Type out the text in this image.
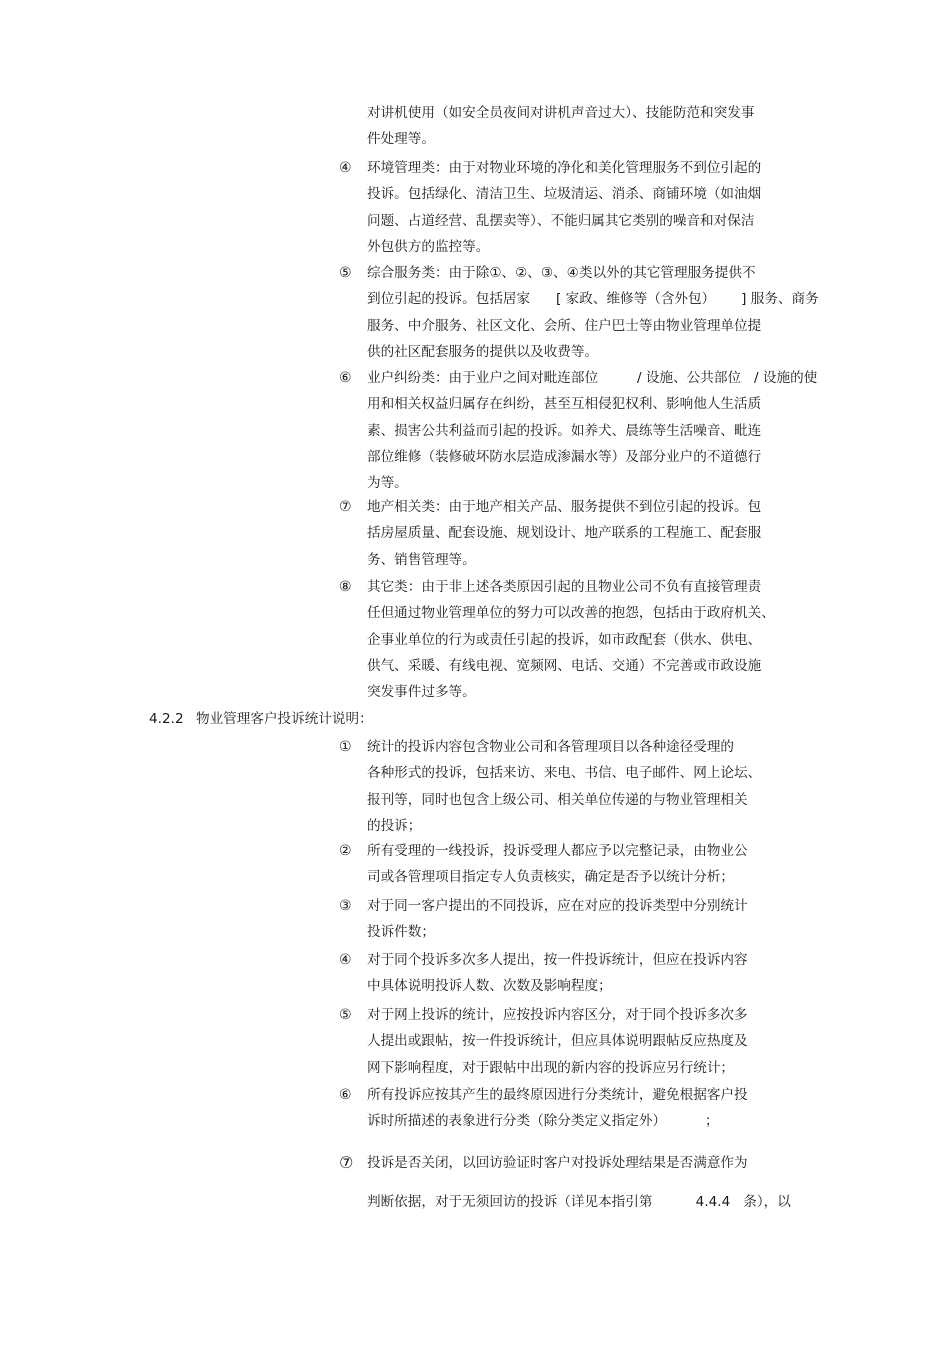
对讲机使用（如安全员夜间对讲机声音过大）、技能防范和突发事
件处理等。
④ 环境管理类：由于对物业环境的净化和美化管理服务不到位引起的
投诉。包括绿化、清洁卫生、垃圾清运、消杀、商铺环境（如油烟
问题、占道经营、乱摆卖等）、不能归属其它类别的噪音和对保洁
外包供方的监控等。
⑤ 综合服务类：由于除①、②、③、④类以外的其它管理服务提供不
到位引起的投诉。包括居家      [ 家政、维修等（含外包）      ] 服务、商务
服务、中介服务、社区文化、会所、住户巴士等由物业管理单位提
供的社区配套服务的提供以及收费等。
⑥ 业户纠纷类：由于业户之间对毗连部位         / 设施、公共部位   / 设施的使
用和相关权益归属存在纠纷，甚至互相侵犯权利、影响他人生活质
素、损害公共利益而引起的投诉。如养犬、晨练等生活噪音、毗连
部位维修（装修破坏防水层造成渗漏水等）及部分业户的不道德行
为等。
⑦ 地产相关类：由于地产相关产品、服务提供不到位引起的投诉。包
括房屋质量、配套设施、规划设计、地产联系的工程施工、配套服
务、销售管理等。
⑧ 其它类：由于非上述各类原因引起的且物业公司不负有直接管理责
任但通过物业管理单位的努力可以改善的抱怨，包括由于政府机关、
企事业单位的行为或责任引起的投诉，如市政配套（供水、供电、
供气、采暖、有线电视、宽频网、电话、交通）不完善或市政设施
突发事件过多等。
4.2.2 物业管理客户投诉统计说明：
① 统计的投诉内容包含物业公司和各管理项目以各种途径受理的
各种形式的投诉，包括来访、来电、书信、电子邮件、网上论坛、
报刊等，同时也包含上级公司、相关单位传递的与物业管理相关
的投诉；
② 所有受理的一线投诉，投诉受理人都应予以完整记录，由物业公
司或各管理项目指定专人负责核实，确定是否予以统计分析；
③ 对于同一客户提出的不同投诉，应在对应的投诉类型中分别统计
投诉件数；
④ 对于同个投诉多次多人提出，按一件投诉统计，但应在投诉内容
中具体说明投诉人数、次数及影响程度；
⑤ 对于网上投诉的统计，应按投诉内容区分，对于同个投诉多次多
人提出或跟帖，按一件投诉统计，但应具体说明跟帖反应热度及
网下影响程度，对于跟帖中出现的新内容的投诉应另行统计；
⑥ 所有投诉应按其产生的最终原因进行分类统计，避免根据客户投
诉时所描述的表象进行分类（除分类定义指定外）         ；
⑦ 投诉是否关闭，以回访验证时客户对投诉处理结果是否满意作为
判断依据，对于无须回访的投诉（详见本指引第          4.4.4   条），以
